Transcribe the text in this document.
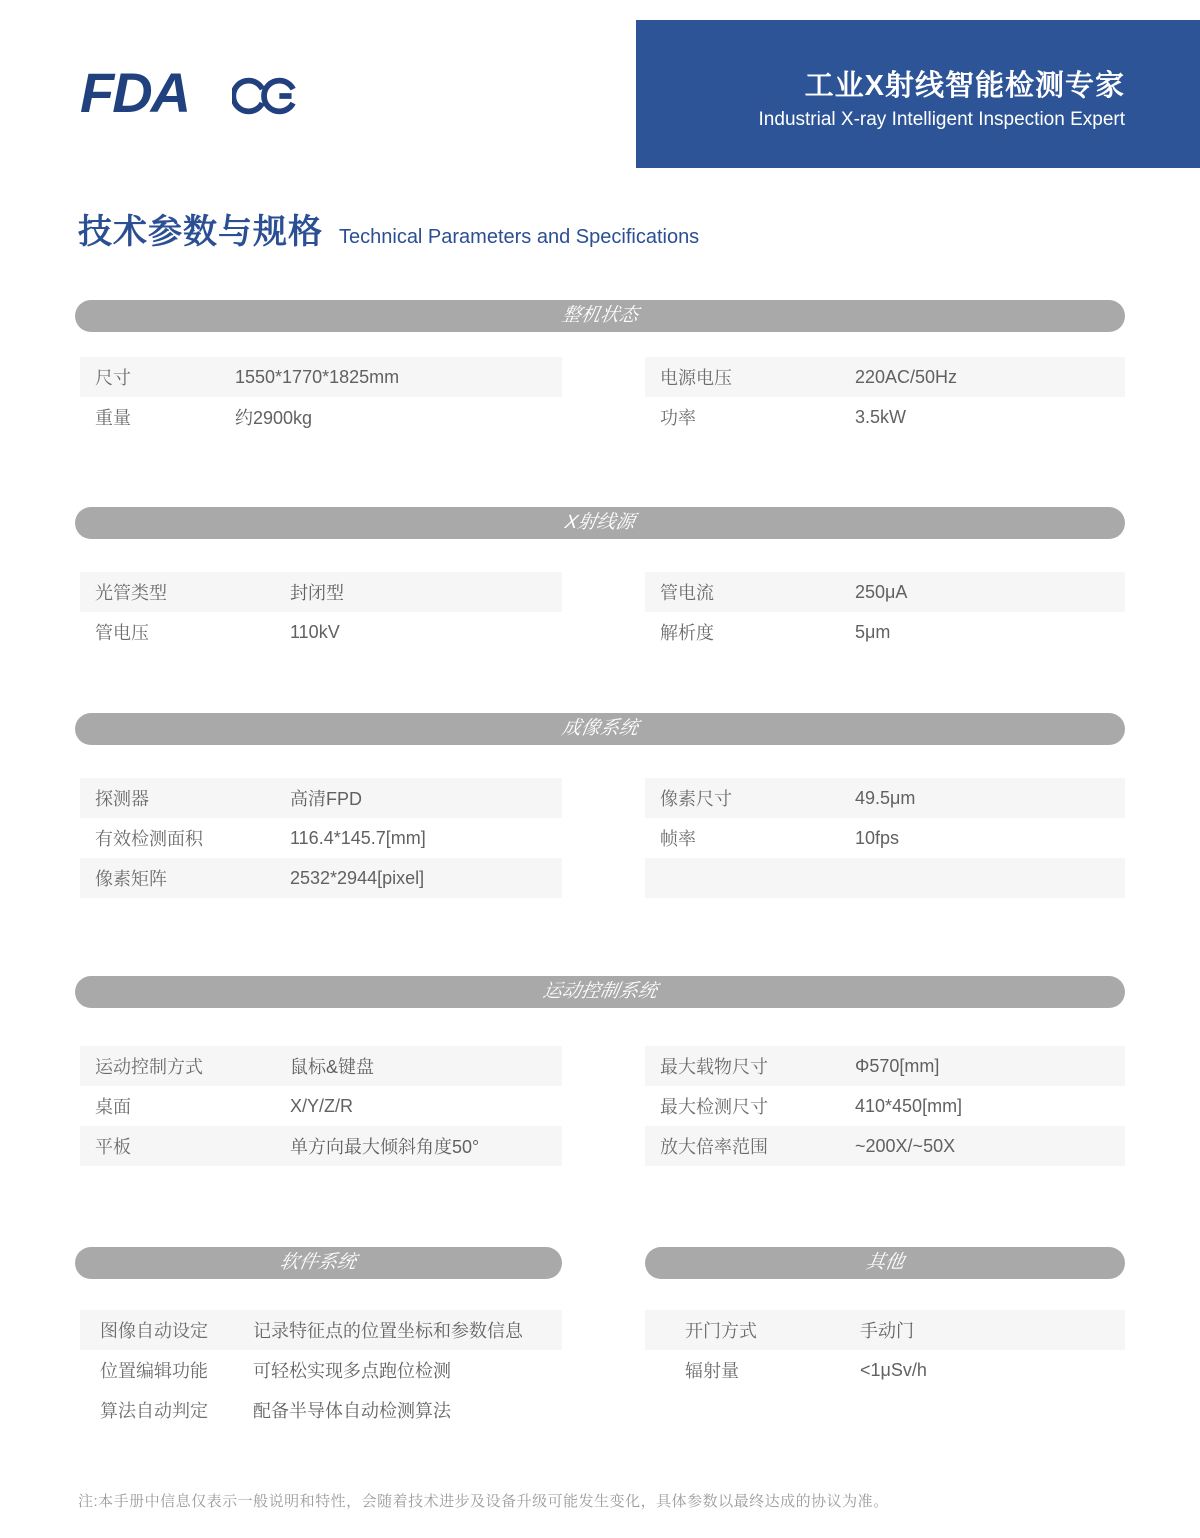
工业X射线智能检测专家
Industrial X-ray Intelligent Inspection Expert
FDA
技术参数与规格 Technical Parameters and Specifications
整机状态
尺寸	1550*1770*1825mm
重量	约2900kg
电源电压	220AC/50Hz
功率	3.5kW
X射线源
光管类型	封闭型
管电压	110kV
管电流	250μA
解析度	5μm
成像系统
探测器	高清FPD
有效检测面积	116.4*145.7[mm]
像素矩阵	2532*2944[pixel]
像素尺寸	49.5μm
帧率	10fps
运动控制系统
运动控制方式	鼠标&键盘
桌面	X/Y/Z/R
平板	单方向最大倾斜角度50°
最大载物尺寸	Φ570[mm]
最大检测尺寸	410*450[mm]
放大倍率范围	~200X/~50X
软件系统
图像自动设定	记录特征点的位置坐标和参数信息
位置编辑功能	可轻松实现多点跑位检测
算法自动判定	配备半导体自动检测算法
其他
开门方式	手动门
辐射量	<1μSv/h
注:本手册中信息仅表示一般说明和特性，会随着技术进步及设备升级可能发生变化，具体参数以最终达成的协议为准。
